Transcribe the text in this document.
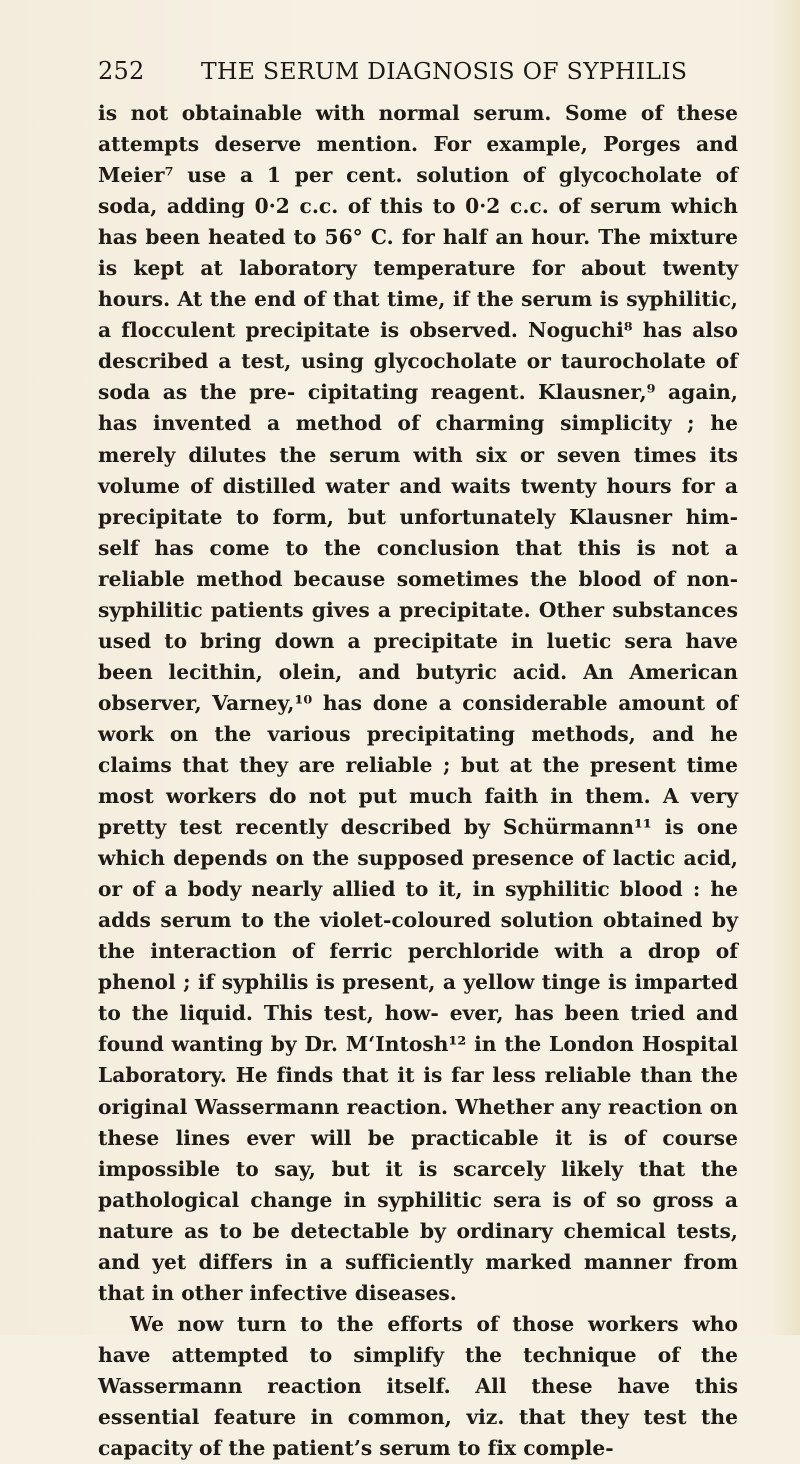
252 THE SERUM DIAGNOSIS OF SYPHILIS

is not obtainable with normal serum. Some of these attempts deserve mention. For example, Porges and Meier⁷ use a 1 per cent. solution of glycocholate of soda, adding 0·2 c.c. of this to 0·2 c.c. of serum which has been heated to 56° C. for half an hour. The mixture is kept at laboratory temperature for about twenty hours. At the end of that time, if the serum is syphilitic, a flocculent precipitate is observed. Noguchi⁸ has also described a test, using glycocholate or taurocholate of soda as the pre- cipitating reagent. Klausner,⁹ again, has invented a method of charming simplicity ; he merely dilutes the serum with six or seven times its volume of distilled water and waits twenty hours for a precipitate to form, but unfortunately Klausner him- self has come to the conclusion that this is not a reliable method because sometimes the blood of non-syphilitic patients gives a precipitate. Other substances used to bring down a precipitate in luetic sera have been lecithin, olein, and butyric acid. An American observer, Varney,¹⁰ has done a considerable amount of work on the various precipitating methods, and he claims that they are reliable ; but at the present time most workers do not put much faith in them. A very pretty test recently described by Schürmann¹¹ is one which depends on the supposed presence of lactic acid, or of a body nearly allied to it, in syphilitic blood : he adds serum to the violet-coloured solution obtained by the interaction of ferric perchloride with a drop of phenol ; if syphilis is present, a yellow tinge is imparted to the liquid. This test, how- ever, has been tried and found wanting by Dr. M‘Intosh¹² in the London Hospital Laboratory. He finds that it is far less reliable than the original Wassermann reaction. Whether any reaction on these lines ever will be practicable it is of course impossible to say, but it is scarcely likely that the pathological change in syphilitic sera is of so gross a nature as to be detectable by ordinary chemical tests, and yet differs in a sufficiently marked manner from that in other infective diseases.

We now turn to the efforts of those workers who have attempted to simplify the technique of the Wassermann reaction itself. All these have this essential feature in common, viz. that they test the capacity of the patient’s serum to fix comple-
